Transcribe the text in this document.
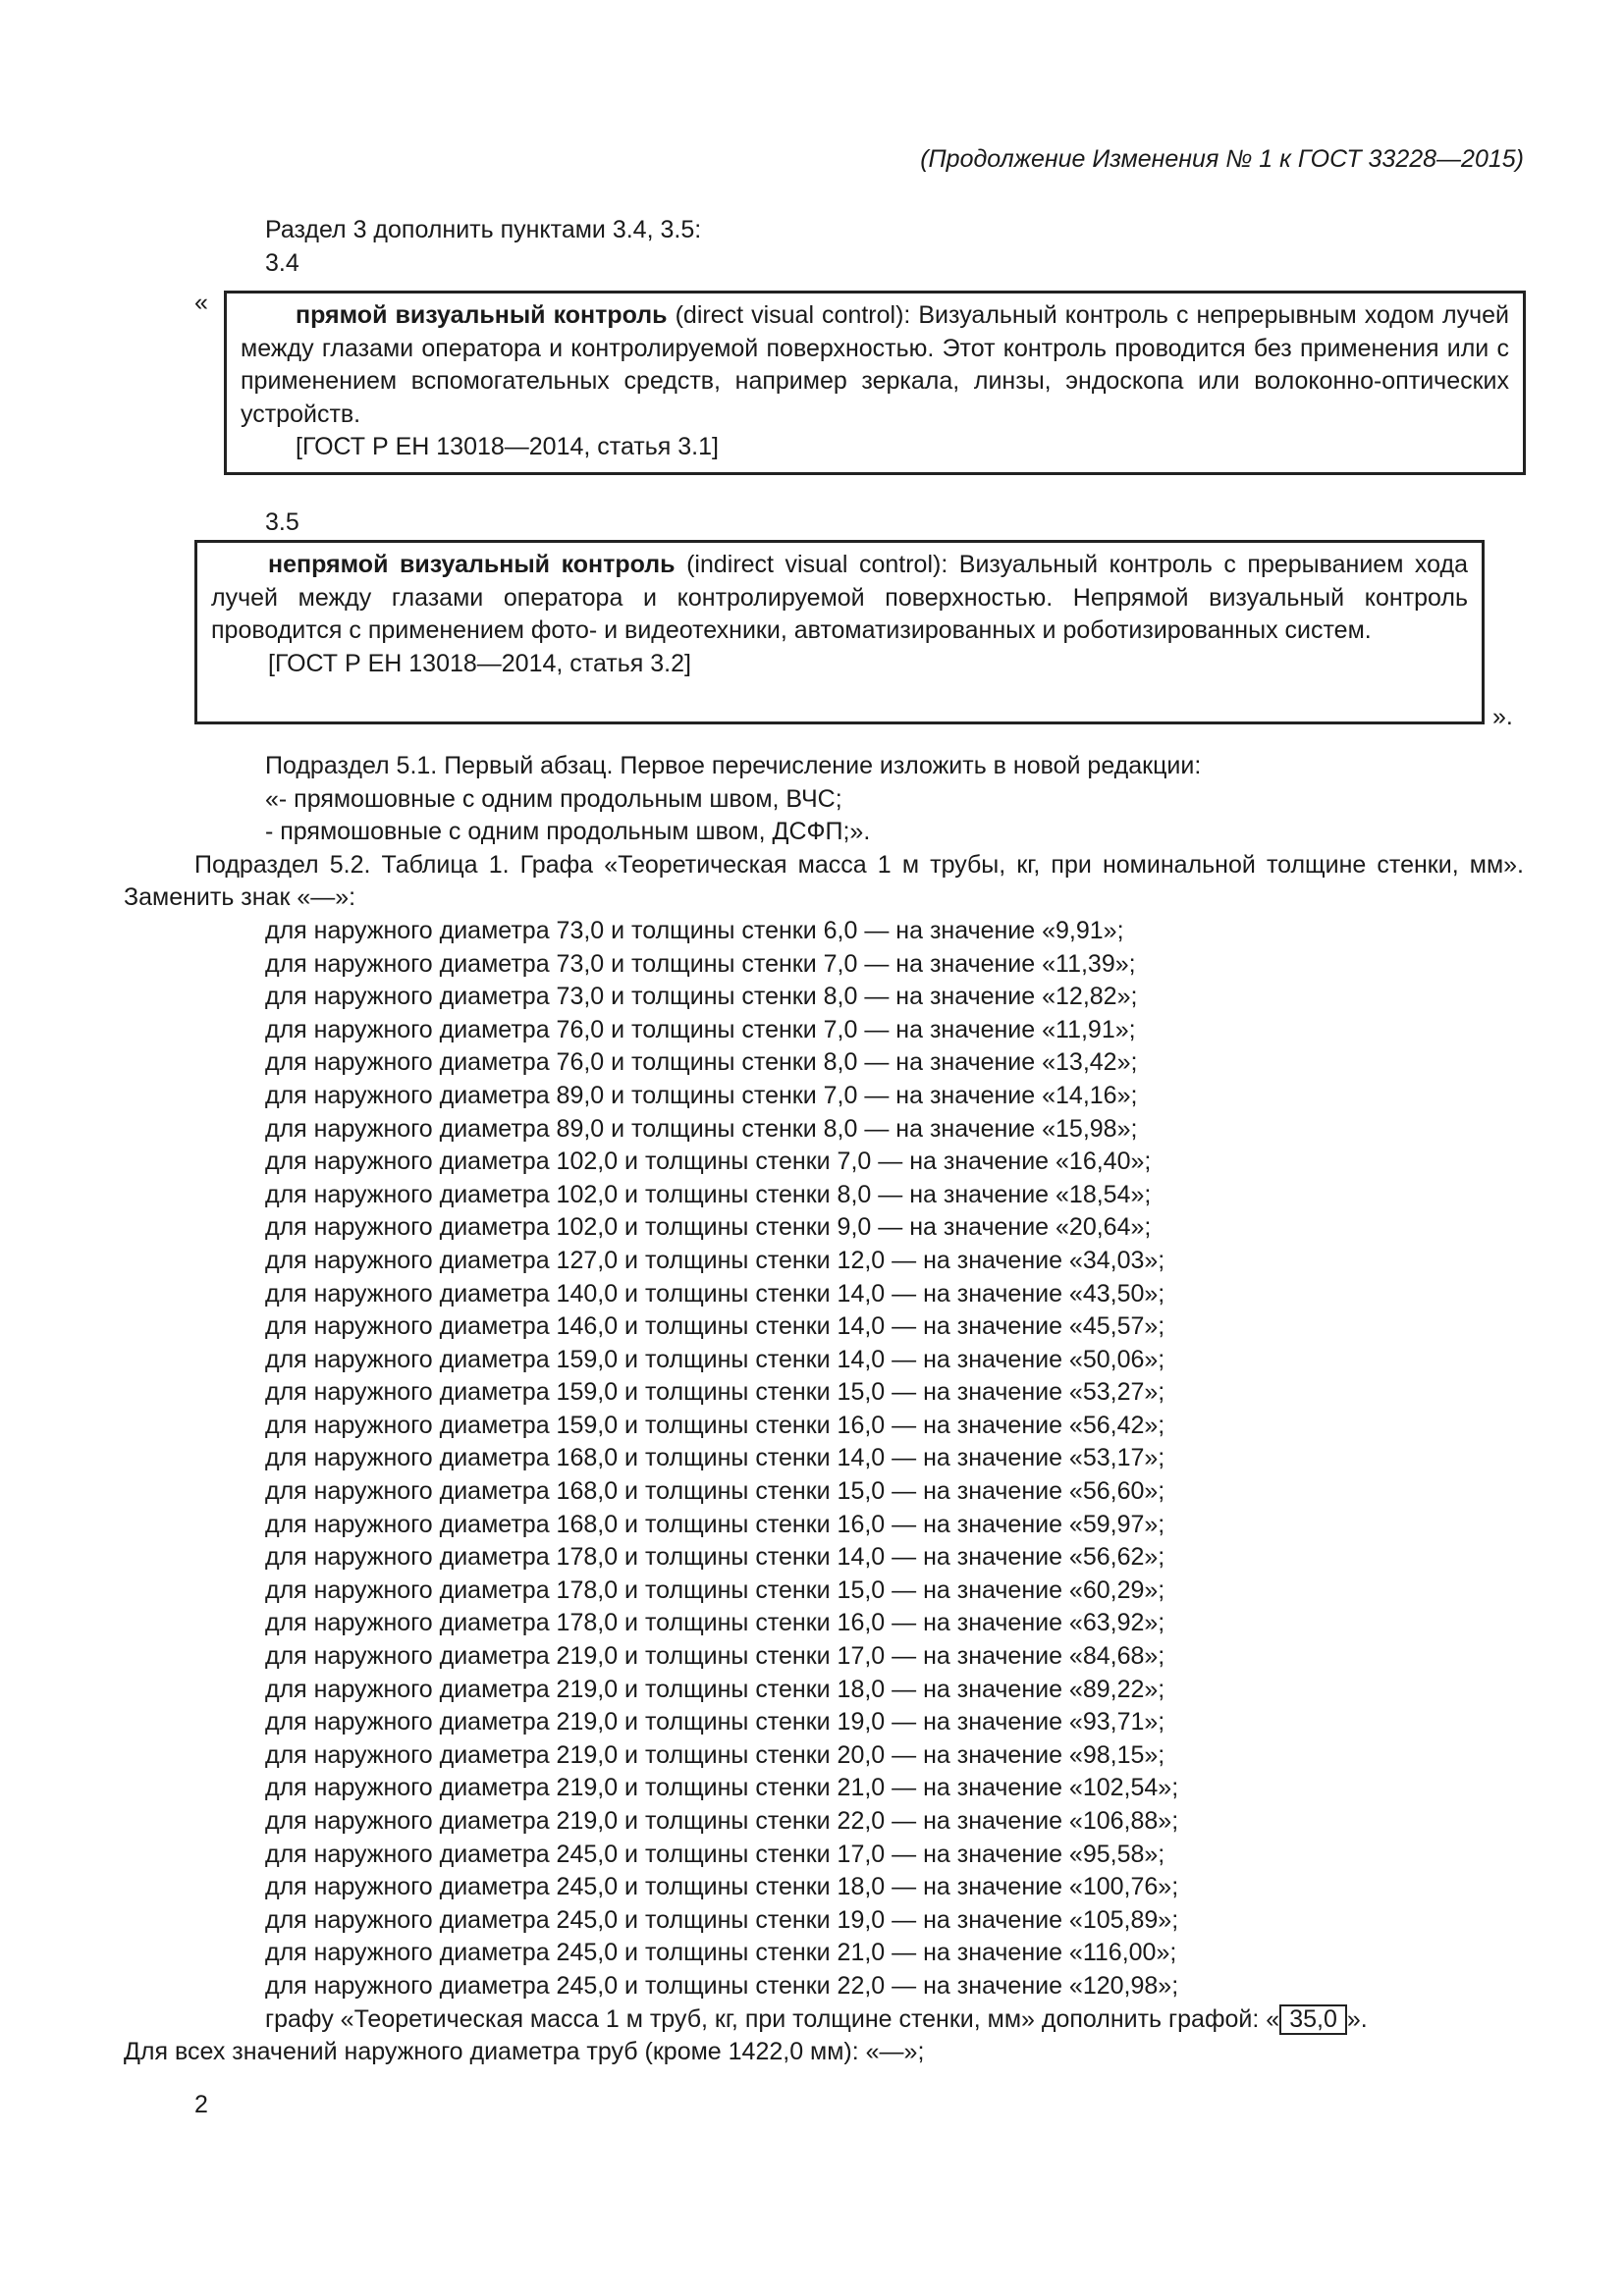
(Продолжение Изменения № 1 к ГОСТ 33228—2015)
Раздел 3 дополнить пунктами 3.4, 3.5:
3.4
«	прямой визуальный контроль (direct visual control): Визуальный контроль с непрерывным ходом лучей между глазами оператора и контролируемой поверхностью. Этот контроль проводится без применения или с применением вспомогательных средств, например зеркала, линзы, эндоскопа или волоконно-оптических устройств.

[ГОСТ Р ЕН 13018—2014, статья 3.1]

3.5

непрямой визуальный контроль (indirect visual control): Визуальный контроль с прерыванием хода лучей между глазами оператора и контролируемой поверхностью. Непрямой визуальный контроль проводится с применением фото- и видеотехники, автоматизированных и роботизированных систем.

[ГОСТ Р ЕН 13018—2014, статья 3.2]

».

Подраздел 5.1. Первый абзац. Первое перечисление изложить в новой редакции:

«- прямошовные с одним продольным швом, ВЧС;

- прямошовные с одним продольным швом, ДСФП;».

Подраздел 5.2. Таблица 1. Графа «Теоретическая масса 1 м трубы, кг, при номинальной толщине стенки, мм». Заменить знак «—»:

для наружного диаметра 73,0 и толщины стенки 6,0 — на значение «9,91»;

для наружного диаметра 73,0 и толщины стенки 7,0 — на значение «11,39»;

для наружного диаметра 73,0 и толщины стенки 8,0 — на значение «12,82»;

для наружного диаметра 76,0 и толщины стенки 7,0 — на значение «11,91»;

для наружного диаметра 76,0 и толщины стенки 8,0 — на значение «13,42»;

для наружного диаметра 89,0 и толщины стенки 7,0 — на значение «14,16»;

для наружного диаметра 89,0 и толщины стенки 8,0 — на значение «15,98»;

для наружного диаметра 102,0 и толщины стенки 7,0 — на значение «16,40»;

для наружного диаметра 102,0 и толщины стенки 8,0 — на значение «18,54»;

для наружного диаметра 102,0 и толщины стенки 9,0 — на значение «20,64»;

для наружного диаметра 127,0 и толщины стенки 12,0 — на значение «34,03»;

для наружного диаметра 140,0 и толщины стенки 14,0 — на значение «43,50»;

для наружного диаметра 146,0 и толщины стенки 14,0 — на значение «45,57»;

для наружного диаметра 159,0 и толщины стенки 14,0 — на значение «50,06»;

для наружного диаметра 159,0 и толщины стенки 15,0 — на значение «53,27»;

для наружного диаметра 159,0 и толщины стенки 16,0 — на значение «56,42»;

для наружного диаметра 168,0 и толщины стенки 14,0 — на значение «53,17»;

для наружного диаметра 168,0 и толщины стенки 15,0 — на значение «56,60»;

для наружного диаметра 168,0 и толщины стенки 16,0 — на значение «59,97»;

для наружного диаметра 178,0 и толщины стенки 14,0 — на значение «56,62»;

для наружного диаметра 178,0 и толщины стенки 15,0 — на значение «60,29»;

для наружного диаметра 178,0 и толщины стенки 16,0 — на значение «63,92»;

для наружного диаметра 219,0 и толщины стенки 17,0 — на значение «84,68»;

для наружного диаметра 219,0 и толщины стенки 18,0 — на значение «89,22»;

для наружного диаметра 219,0 и толщины стенки 19,0 — на значение «93,71»;

для наружного диаметра 219,0 и толщины стенки 20,0 — на значение «98,15»;

для наружного диаметра 219,0 и толщины стенки 21,0 — на значение «102,54»;

для наружного диаметра 219,0 и толщины стенки 22,0 — на значение «106,88»;

для наружного диаметра 245,0 и толщины стенки 17,0 — на значение «95,58»;

для наружного диаметра 245,0 и толщины стенки 18,0 — на значение «100,76»;

для наружного диаметра 245,0 и толщины стенки 19,0 — на значение «105,89»;

для наружного диаметра 245,0 и толщины стенки 21,0 — на значение «116,00»;

для наружного диаметра 245,0 и толщины стенки 22,0 — на значение «120,98»;

графу «Теоретическая масса 1 м труб, кг, при толщине стенки, мм» дополнить графой: « 35,0 ».

Для всех значений наружного диаметра труб (кроме 1422,0 мм): «—»;

2
